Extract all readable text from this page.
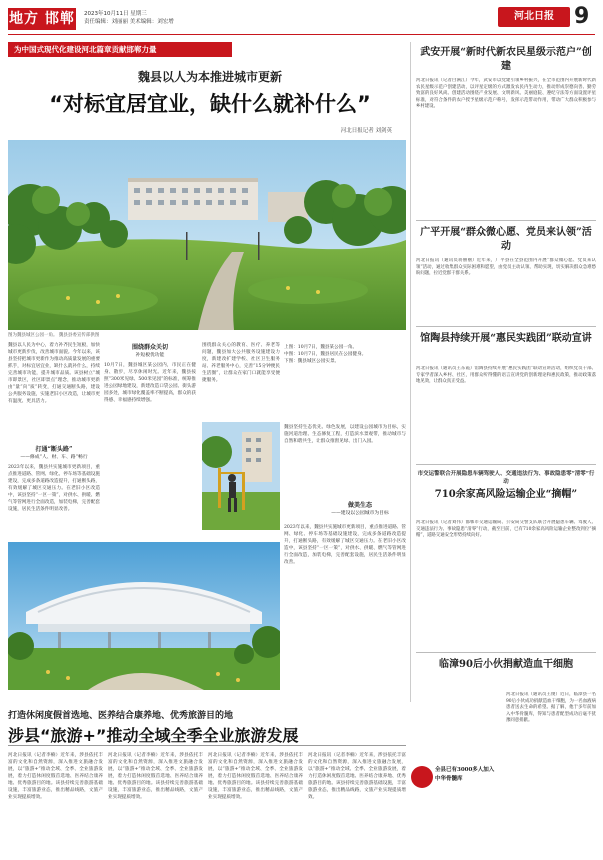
地方 邯郸 2023年10月11日 星期三
责任编辑：刘丽丽 美术编辑：刘宏增	河北日报 9
为中国式现代化建设河北篇章贡献邯郸力量
魏县以人为本推进城市更新
“对标宜居宜业，缺什么就补什么”
河北日报记者 刘剑英
图为魏县城区公园一角。 魏县县委宣传部供图
魏县以人民为中心，着力补齐民生短板，加快城市更新步伐，改善城市面貌。今年以来，该县坚持把城市更新作为推动高质量发展的重要抓手，对标宜居宜业，缺什么就补什么，持续完善城市功能，提升城市品质。该县树立“城市即景区，社区即景点”理念，推动城市更新由“量”向“质”转变，打通交通断头路，建设公共服务设施，实施老旧小区改造，让城市更有温度、更具活力。
打通“断头路”
——修成“人、财、车、路”畅行
2023年以来，魏县共实施城市更新项目，重点推进道路、管网、绿化、停车场等基础设施建设，完成多条道路改造提升，打通断头路，有效缓解了城区交通压力。在老旧小区改造中，该县坚持“一区一策”，对供水、供暖、燃气等管网进行全面改造，加装电梯，完善配套设施，居民生活条件明显改善。
围绕群众关切
补短板优功能
10月7日，魏县城区某公园内，市民正在健身、散步，尽享休闲时光。近年来，魏县按照“300米见绿、500米见园”的标准，统筹推进公园绿地建设，新建改造口袋公园、街头游园多处，城市绿化覆盖率不断提高，群众的获得感、幸福感持续增强。
围绕群众关心的教育、医疗、养老等问题，魏县加大公共服务设施建设力度，新建改扩建学校、社区卫生服务站、养老服务中心，完善“15分钟便民生活圈”，让群众在家门口就能享受便捷服务。
上图：10月7日，魏县某公园一角。
中图：10月7日，魏县居民在公园健身。
下图：魏县城区公园实景。
魏县坚持生态优先、绿色发展，以建设公园城市为目标，实施河道治理、生态修复工程，打造滨水景观带，推动城市与自然和谐共生，让群众推窗见绿、出门入园。
做美生态
——建设以公园城市为目标
2023年以来，魏县共实施城市更新项目，重点推进道路、管网、绿化、停车场等基础设施建设，完成多条道路改造提升，打通断头路，有效缓解了城区交通压力。在老旧小区改造中，该县坚持“一区一策”，对供水、供暖、燃气等管网进行全面改造，加装电梯，完善配套设施，居民生活条件明显改善。
打造休闲度假首选地、医养结合康养地、优秀旅游目的地
涉县“旅游+”推动全域全季全业旅游发展
河北日报讯（记者李楠）近年来，涉县依托丰富的文化和自然资源，深入推进文旅融合发展，以“旅游+”推动全域、全季、全业旅游发展，着力打造休闲度假首选地、医养结合康养地、优秀旅游目的地。该县持续完善旅游基础设施，丰富旅游业态，推出精品线路，文旅产业实现提质增效。
河北日报讯（记者李楠）近年来，涉县依托丰富的文化和自然资源，深入推进文旅融合发展，以“旅游+”推动全域、全季、全业旅游发展，着力打造休闲度假首选地、医养结合康养地、优秀旅游目的地。该县持续完善旅游基础设施，丰富旅游业态，推出精品线路，文旅产业实现提质增效。
河北日报讯（记者李楠）近年来，涉县依托丰富的文化和自然资源，深入推进文旅融合发展，以“旅游+”推动全域、全季、全业旅游发展，着力打造休闲度假首选地、医养结合康养地、优秀旅游目的地。该县持续完善旅游基础设施，丰富旅游业态，推出精品线路，文旅产业实现提质增效。
河北日报讯（记者李楠）近年来，涉县依托丰富的文化和自然资源，深入推进文旅融合发展，以“旅游+”推动全域、全季、全业旅游发展，着力打造休闲度假首选地、医养结合康养地、优秀旅游目的地。该县持续完善旅游基础设施，丰富旅游业态，推出精品线路，文旅产业实现提质增效。
全县已有3000多人加入中华骨髓库
武安开展“新时代新农民星级示范户”创建
河北日报讯（记者白满江）今年，武安市以党建引领乡村振兴，在全市范围内开展新时代新农民星级示范户创建活动，以评星定级的方式激发农民内生动力，推动形成崇德向善、勤劳致富的良好风尚。创建活动围绕产业发展、文明新风、美丽庭院、遵纪守法等方面设置评星标准，对符合条件的农户授予星级示范户称号，发挥示范带动作用，带动广大群众积极参与乡村建设。
广平开展“群众微心愿、党员来认领”活动
河北日报讯（通讯员蒋丽丽）近年来，广平县在全县范围内开展“群众微心愿、党员来认领”活动，通过收集群众实际困难和愿望，由党员主动认领、帮助实现，切实解决群众急难愁盼问题，拉近党群干群关系。
馆陶县持续开展“惠民实践团”联动宣讲
河北日报讯（通讯员王东霞）馆陶县持续开展“惠民实践团”联动宣讲活动，组织党员干部、专家学者深入乡村、社区，用群众听得懂的语言宣讲党的创新理论和惠民政策，推动政策落地见效，让群众真正受益。
市交运警联合开展隐患车辆驾驶人、交通违法行为、事故隐患零“清零”行动
710余家高风险运输企业“摘帽”
河北日报讯（记者刘伟）邯郸市交通运输局、公安局交警支队联合开展隐患车辆、驾驶人、交通违法行为、事故隐患“清零”行动，截至目前，已有710余家高风险运输企业整改到位“摘帽”，道路交通安全形势持续向好。
临漳90后小伙捐献造血干细胞
河北日报讯（通讯员王俊）近日，临漳县一名90后小伙成功捐献造血干细胞，为一名血液病患者送去生命的希望。据了解，他于多年前加入中华骨髓库，得知与患者配型成功后毫不犹豫同意捐献。
